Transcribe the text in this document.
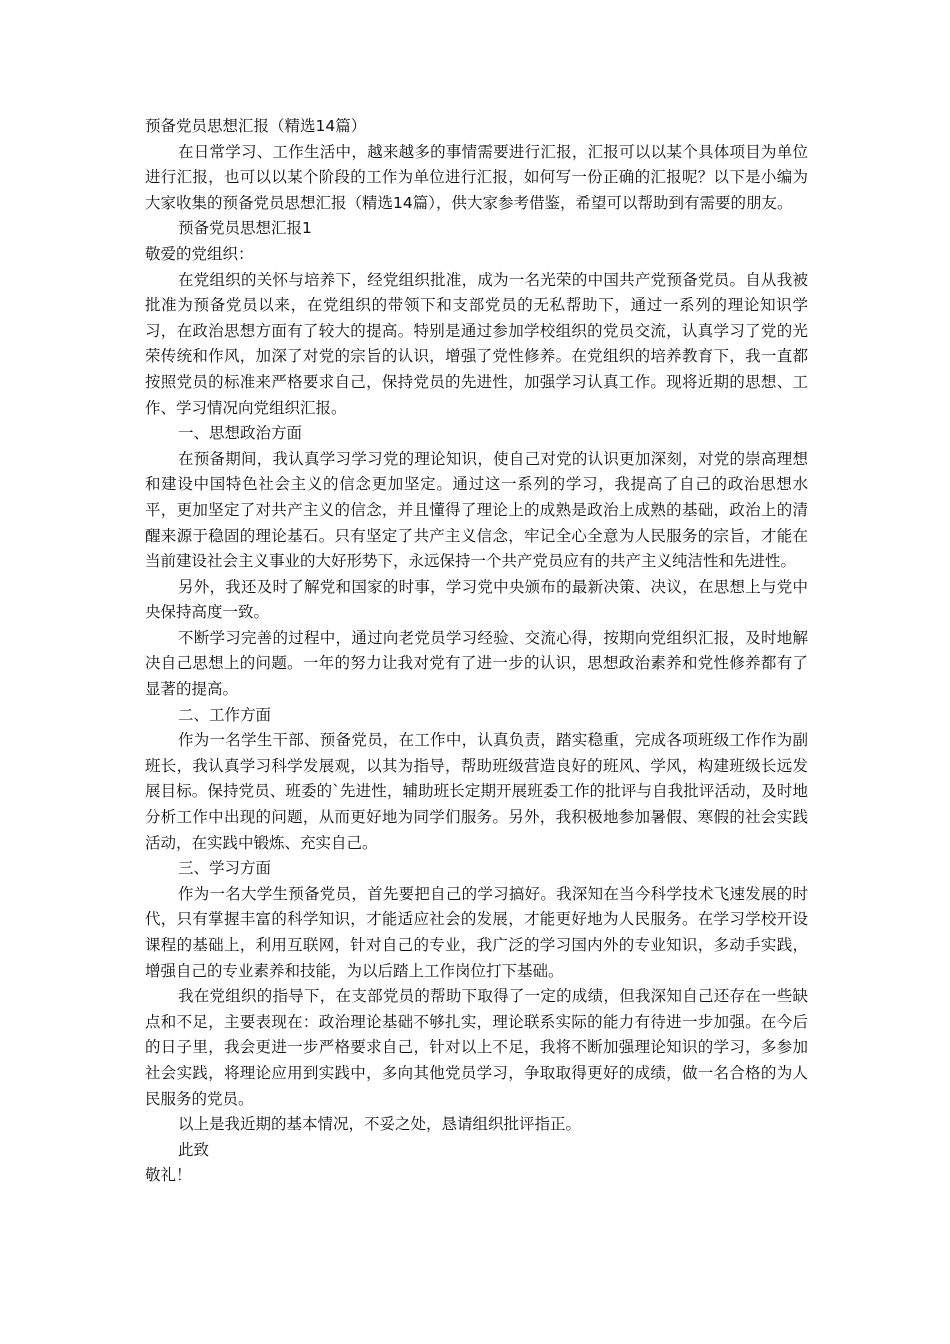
预备党员思想汇报（精选14篇）

在日常学习、工作生活中，越来越多的事情需要进行汇报，汇报可以以某个具体项目为单位进行汇报，也可以以某个阶段的工作为单位进行汇报，如何写一份正确的汇报呢？以下是小编为大家收集的预备党员思想汇报（精选14篇），供大家参考借鉴，希望可以帮助到有需要的朋友。

预备党员思想汇报1

敬爱的党组织：

在党组织的关怀与培养下，经党组织批准，成为一名光荣的中国共产党预备党员。自从我被批准为预备党员以来，在党组织的带领下和支部党员的无私帮助下，通过一系列的理论知识学习，在政治思想方面有了较大的提高。特别是通过参加学校组织的党员交流，认真学习了党的光荣传统和作风，加深了对党的宗旨的认识，增强了党性修养。在党组织的培养教育下，我一直都按照党员的标准来严格要求自己，保持党员的先进性，加强学习认真工作。现将近期的思想、工作、学习情况向党组织汇报。

一、思想政治方面

在预备期间，我认真学习学习党的理论知识，使自己对党的认识更加深刻，对党的崇高理想和建设中国特色社会主义的信念更加坚定。通过这一系列的学习，我提高了自己的政治思想水平，更加坚定了对共产主义的信念，并且懂得了理论上的成熟是政治上成熟的基础，政治上的清醒来源于稳固的理论基石。只有坚定了共产主义信念，牢记全心全意为人民服务的宗旨，才能在当前建设社会主义事业的大好形势下，永远保持一个共产党员应有的共产主义纯洁性和先进性。

另外，我还及时了解党和国家的时事，学习党中央颁布的最新决策、决议，在思想上与党中央保持高度一致。

不断学习完善的过程中，通过向老党员学习经验、交流心得，按期向党组织汇报，及时地解决自己思想上的问题。一年的努力让我对党有了进一步的认识，思想政治素养和党性修养都有了显著的提高。

二、工作方面

作为一名学生干部、预备党员，在工作中，认真负责，踏实稳重，完成各项班级工作作为副班长，我认真学习科学发展观，以其为指导，帮助班级营造良好的班风、学风，构建班级长远发展目标。保持党员、班委的`先进性，辅助班长定期开展班委工作的批评与自我批评活动，及时地分析工作中出现的问题，从而更好地为同学们服务。另外，我积极地参加暑假、寒假的社会实践活动，在实践中锻炼、充实自己。

三、学习方面

作为一名大学生预备党员，首先要把自己的学习搞好。我深知在当今科学技术飞速发展的时代，只有掌握丰富的科学知识，才能适应社会的发展，才能更好地为人民服务。在学习学校开设课程的基础上，利用互联网，针对自己的专业，我广泛的学习国内外的专业知识，多动手实践，增强自己的专业素养和技能，为以后踏上工作岗位打下基础。

我在党组织的指导下，在支部党员的帮助下取得了一定的成绩，但我深知自己还存在一些缺点和不足，主要表现在：政治理论基础不够扎实，理论联系实际的能力有待进一步加强。在今后的日子里，我会更进一步严格要求自己，针对以上不足，我将不断加强理论知识的学习，多参加社会实践，将理论应用到实践中，多向其他党员学习，争取取得更好的成绩，做一名合格的为人民服务的党员。

以上是我近期的基本情况，不妥之处，恳请组织批评指正。

此致

敬礼！
